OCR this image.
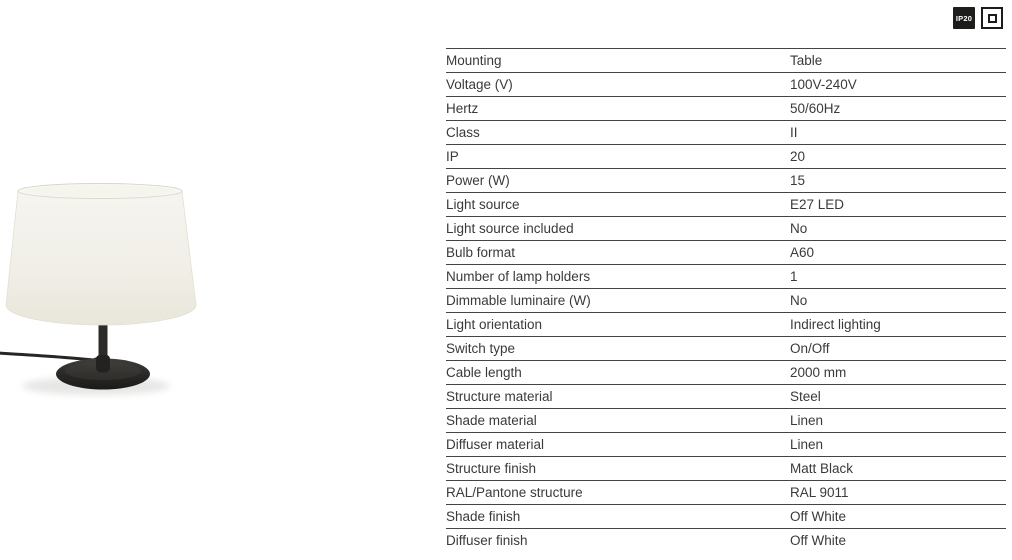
IP20
Mounting	Table
Voltage (V)	100V-240V
Hertz	50/60Hz
Class	II
IP	20
Power (W)	15
Light source	E27 LED
Light source included	No
Bulb format	A60
Number of lamp holders	1
Dimmable luminaire (W)	No
Light orientation	Indirect lighting
Switch type	On/Off
Cable length	2000 mm
Structure material	Steel
Shade material	Linen
Diffuser material	Linen
Structure finish	Matt Black
RAL/Pantone structure	RAL 9011
Shade finish	Off White
Diffuser finish	Off White
